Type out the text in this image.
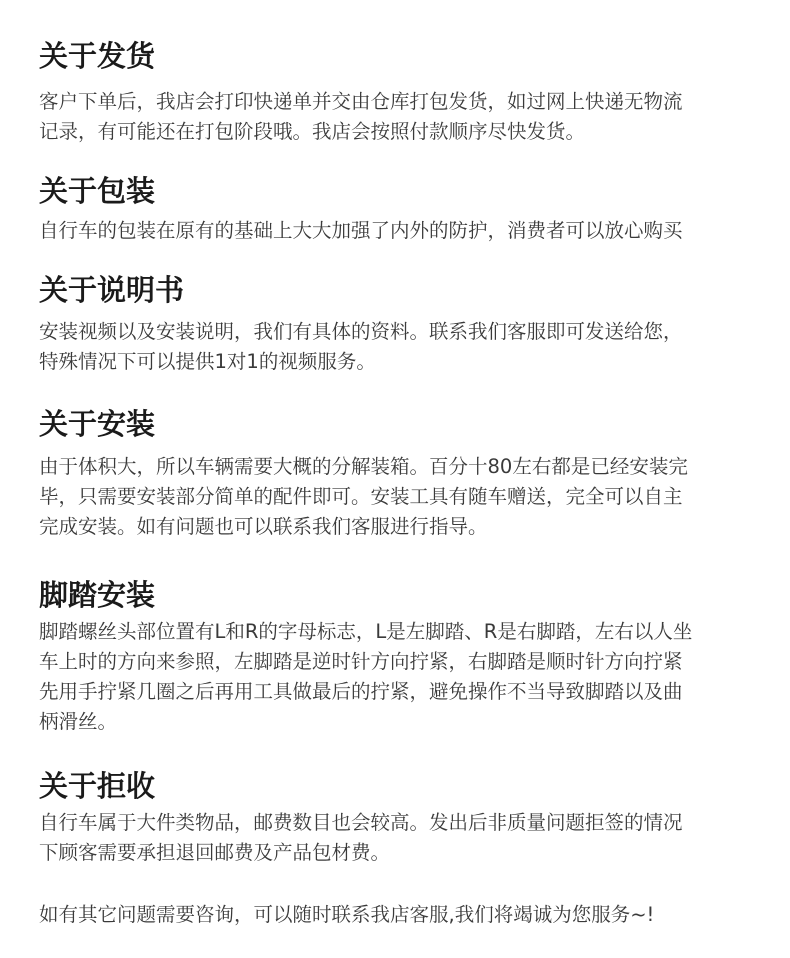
关于发货
客户下单后，我店会打印快递单并交由仓库打包发货，如过网上快递无物流
记录，有可能还在打包阶段哦。我店会按照付款顺序尽快发货。
关于包装
自行车的包装在原有的基础上大大加强了内外的防护，消费者可以放心购买
关于说明书
安装视频以及安装说明，我们有具体的资料。联系我们客服即可发送给您，
特殊情况下可以提供1对1的视频服务。
关于安装
由于体积大，所以车辆需要大概的分解装箱。百分十80左右都是已经安装完
毕，只需要安装部分简单的配件即可。安装工具有随车赠送，完全可以自主
完成安装。如有问题也可以联系我们客服进行指导。
脚踏安装
脚踏螺丝头部位置有L和R的字母标志，L是左脚踏、R是右脚踏，左右以人坐
车上时的方向来参照，左脚踏是逆时针方向拧紧，右脚踏是顺时针方向拧紧
先用手拧紧几圈之后再用工具做最后的拧紧，避免操作不当导致脚踏以及曲
柄滑丝。
关于拒收
自行车属于大件类物品，邮费数目也会较高。发出后非质量问题拒签的情况
下顾客需要承担退回邮费及产品包材费。
如有其它问题需要咨询，可以随时联系我店客服,我们将竭诚为您服务~!
